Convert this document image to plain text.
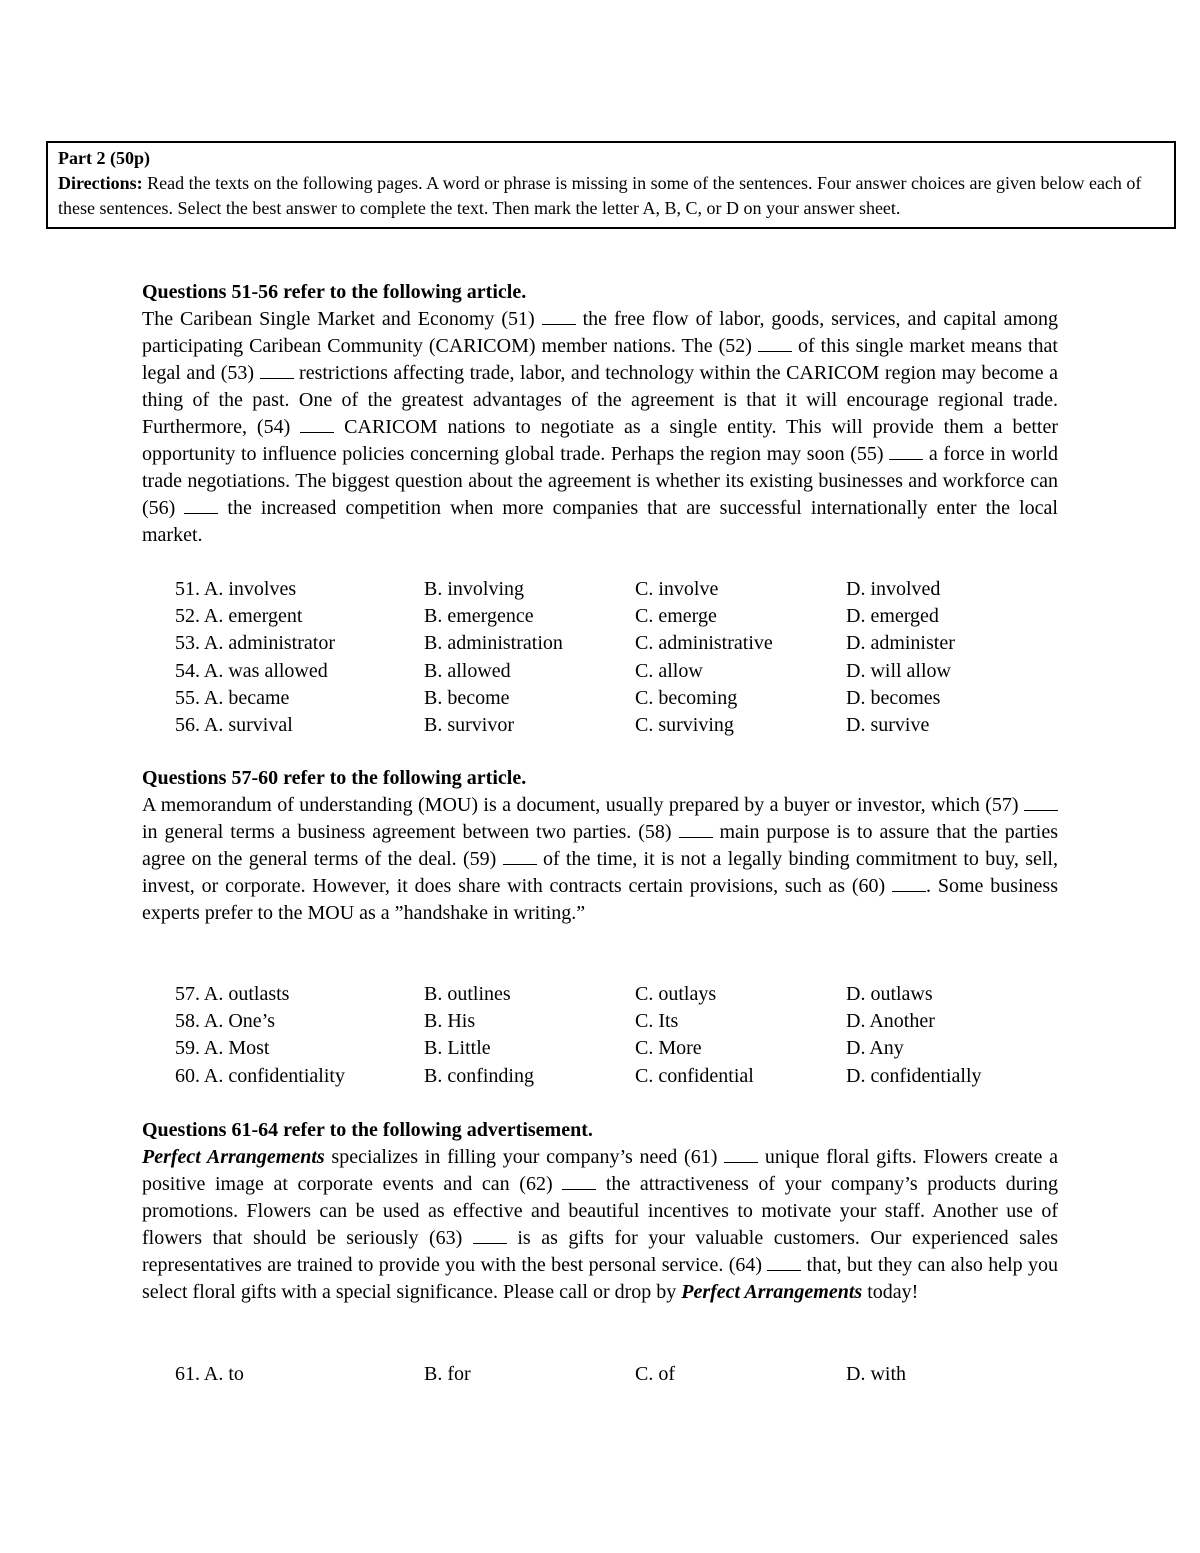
Part 2 (50p)
Directions: Read the texts on the following pages. A word or phrase is missing in some of the sentences. Four answer choices are given below each of these sentences. Select the best answer to complete the text. Then mark the letter A, B, C, or D on your answer sheet.
Questions 51-56 refer to the following article.
The Caribean Single Market and Economy (51)  the free flow of labor, goods, services, and capital among participating Caribean Community (CARICOM) member nations. The (52)  of this single market means that legal and (53)  restrictions affecting trade, labor, and technology within the CARICOM region may become a thing of the past. One of the greatest advantages of the agreement is that it will encourage regional trade. Furthermore, (54)  CARICOM nations to negotiate as a single entity. This will provide them a better opportunity to influence policies concerning global trade. Perhaps the region may soon (55)  a force in world trade negotiations. The biggest question about the agreement is whether its existing businesses and workforce can (56)  the increased competition when more companies that are successful internationally enter the local market.
51. A. involves	B. involving	C. involve	D. involved
52. A. emergent	B. emergence	C. emerge	D. emerged
53. A. administrator	B. administration	C. administrative	D. administer
54. A. was allowed	B. allowed	C. allow	D. will allow
55. A. became	B. become	C. becoming	D. becomes
56. A. survival	B. survivor	C. surviving	D. survive
Questions 57-60 refer to the following article.
A memorandum of understanding (MOU) is a document, usually prepared by a buyer or investor, which (57)  in general terms a business agreement between two parties. (58)  main purpose is to assure that the parties agree on the general terms of the deal. (59)  of the time, it is not a legally binding commitment to buy, sell, invest, or corporate. However, it does share with contracts certain provisions, such as (60) . Some business experts prefer to the MOU as a ”handshake in writing.”
57. A. outlasts	B. outlines	C. outlays	D. outlaws
58. A. One’s	B. His	C. Its	D. Another
59. A. Most	B. Little	C. More	D. Any
60. A. confidentiality	B. confinding	C. confidential	D. confidentially
Questions 61-64 refer to the following advertisement.
Perfect Arrangements specializes in filling your company’s need (61)  unique floral gifts. Flowers create a positive image at corporate events and can (62)  the attractiveness of your company’s products during promotions. Flowers can be used as effective and beautiful incentives to motivate your staff. Another use of flowers that should be seriously (63)  is as gifts for your valuable customers. Our experienced sales representatives are trained to provide you with the best personal service. (64)  that, but they can also help you select floral gifts with a special significance. Please call or drop by Perfect Arrangements today!
61. A. to	B. for	C. of	D. with
